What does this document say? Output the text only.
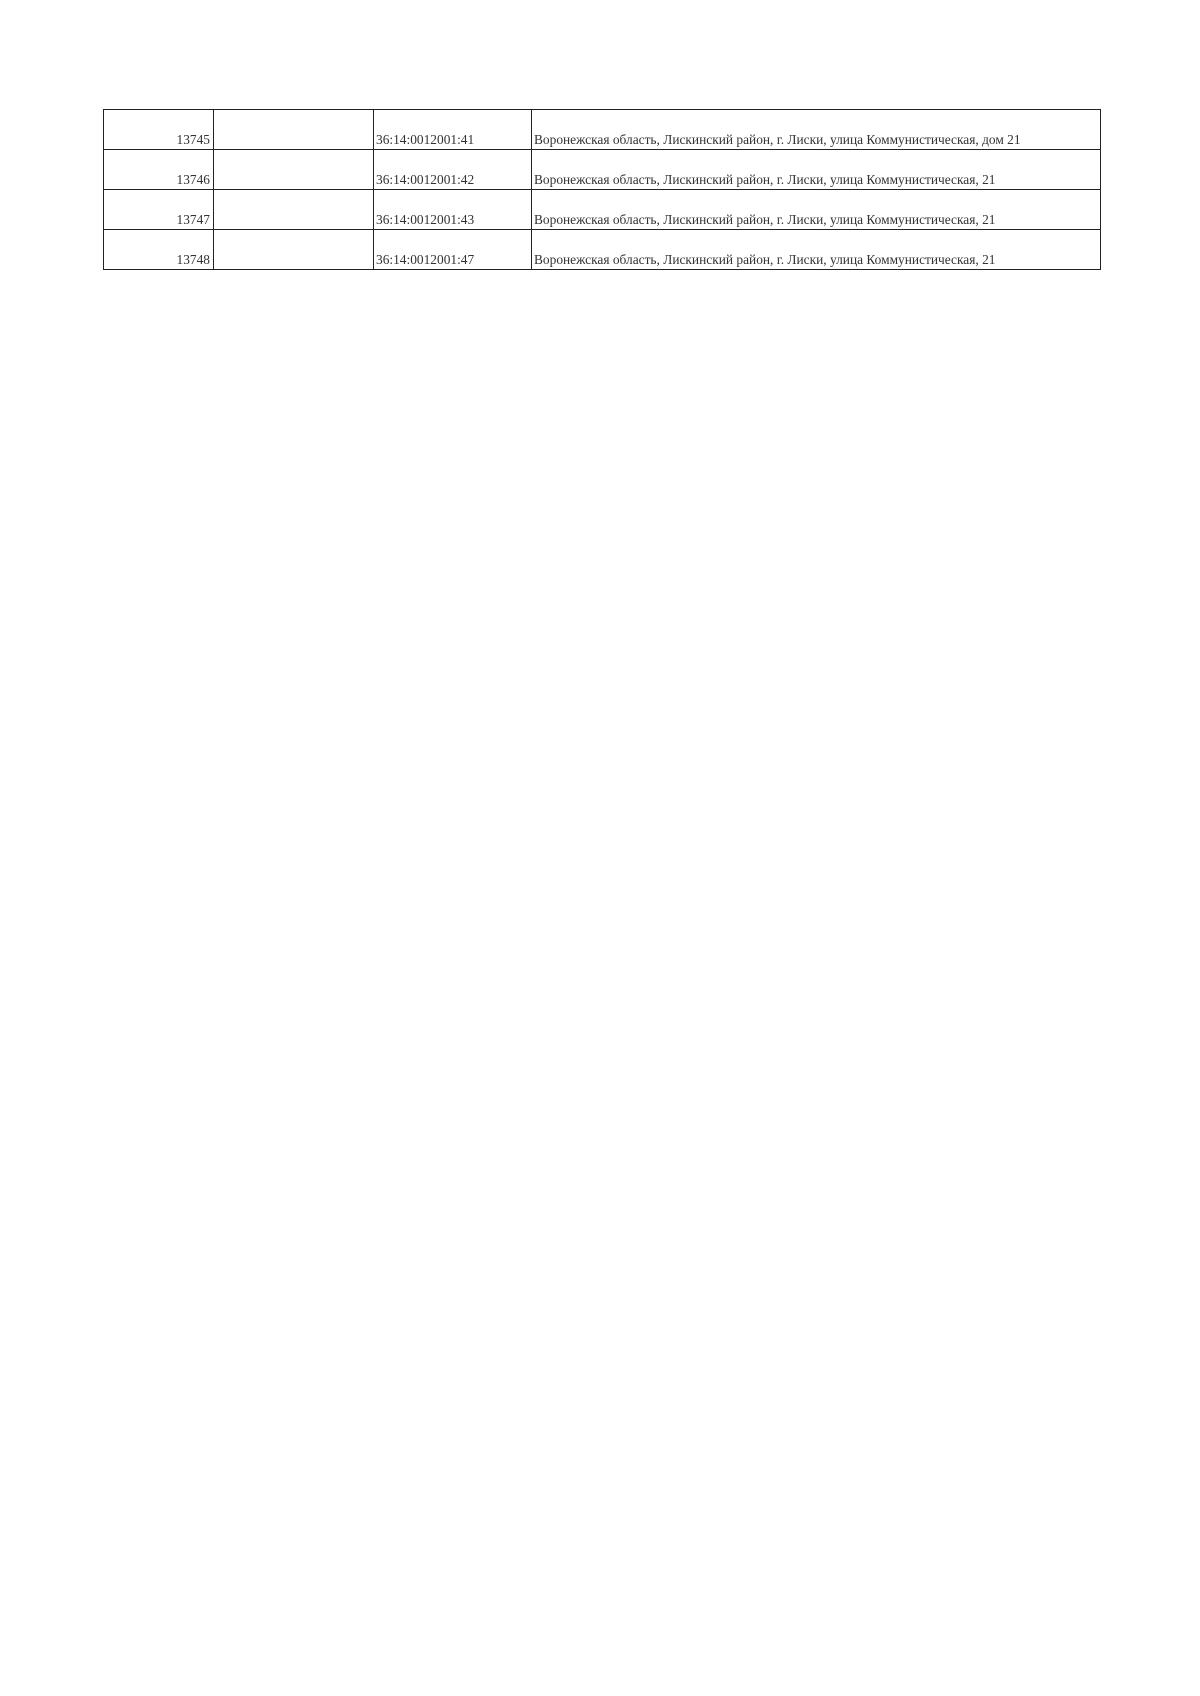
13745		36:14:0012001:41	Воронежская область, Лискинский район, г. Лиски, улица Коммунистическая, дом 21

13746		36:14:0012001:42	Воронежская область, Лискинский район, г. Лиски, улица Коммунистическая, 21

13747		36:14:0012001:43	Воронежская область, Лискинский район, г. Лиски, улица Коммунистическая, 21

13748		36:14:0012001:47	Воронежская область, Лискинский район, г. Лиски, улица Коммунистическая, 21
